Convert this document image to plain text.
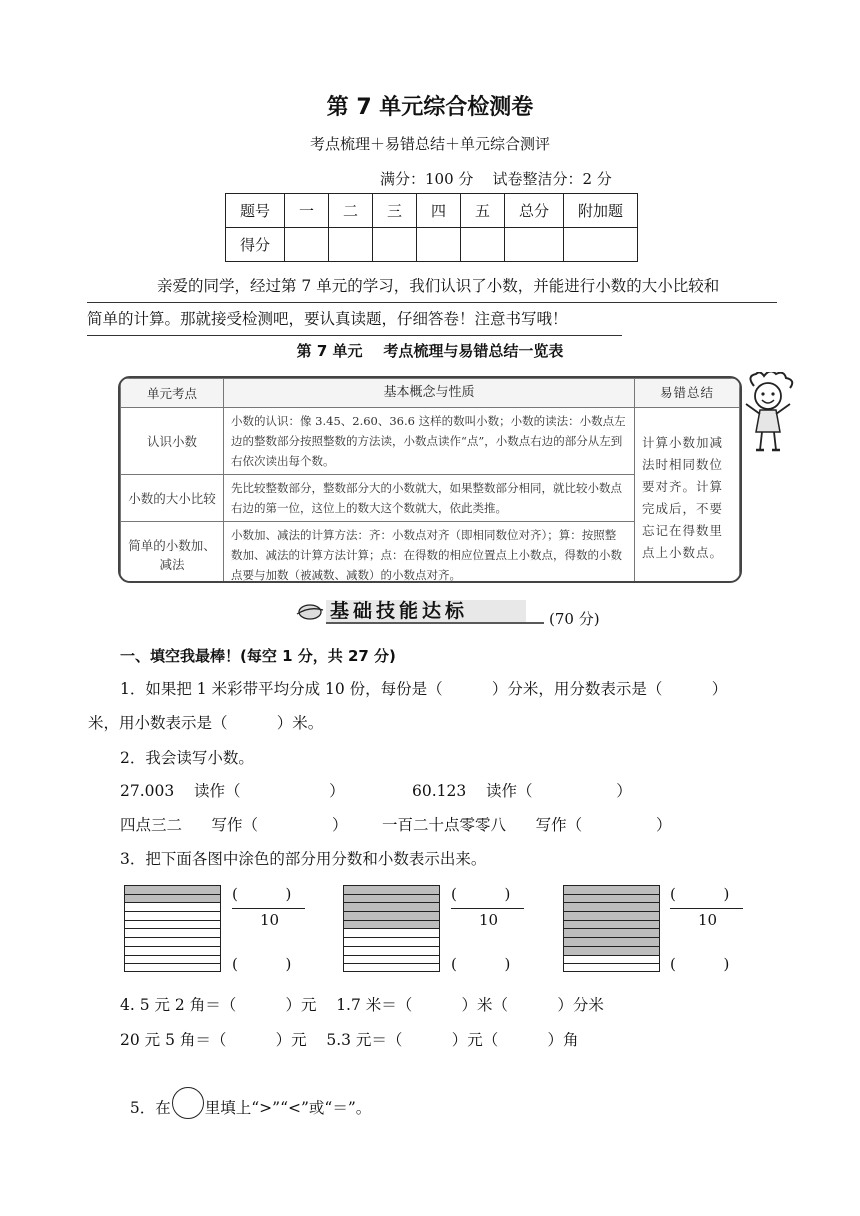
第 7 单元综合检测卷
考点梳理＋易错总结＋单元综合测评
满分：100 分    试卷整洁分：2 分
题号	一	二	三	四	五	总分	附加题
得分							
亲爱的同学，经过第 7 单元的学习，我们认识了小数，并能进行小数的大小比较和
简单的计算。那就接受检测吧，要认真读题，仔细答卷！注意书写哦！
第 7 单元    考点梳理与易错总结一览表
单元考点	基本概念与性质	易错总结
认识小数	小数的认识：像 3.45、2.60、36.6 这样的数叫小数；小数的读法：小数点左边的整数部分按照整数的方法读，小数点读作“点”，小数点右边的部分从左到右依次读出每个数。	计算小数加减法时相同数位要对齐。计算完成后，不要忘记在得数里点上小数点。
小数的大小比较	先比较整数部分，整数部分大的小数就大，如果整数部分相同，就比较小数点右边的第一位，这位上的数大这个数就大，依此类推。	
简单的小数加、减法	小数加、减法的计算方法：齐：小数点对齐（即相同数位对齐）；算：按照整数加、减法的计算方法计算；点：在得数的相应位置点上小数点，得数的小数点要与加数（被减数、减数）的小数点对齐。	
基础技能达标	(70 分)
一、填空我最棒！(每空 1 分，共 27 分)
1．如果把 1 米彩带平均分成 10 份，每份是（          ）分米，用分数表示是（          ）
米，用小数表示是（          ）米。
2．我会读写小数。
27.003    读作（                  ）	60.123    读作（                 ）
四点三二      写作（               ） 一百二十点零零八      写作（               ）
3．把下面各图中涂色的部分用分数和小数表示出来。
(          )
10
(          )
(          )
10
(          )
(          )
10
(          )
4. 5 元 2 角＝（          ）元    1.7 米＝（          ）米（          ）分米
20 元 5 角＝（          ）元    5.3 元＝（          ）元（          ）角

5．在 里填上“>”“<”或“＝”。
